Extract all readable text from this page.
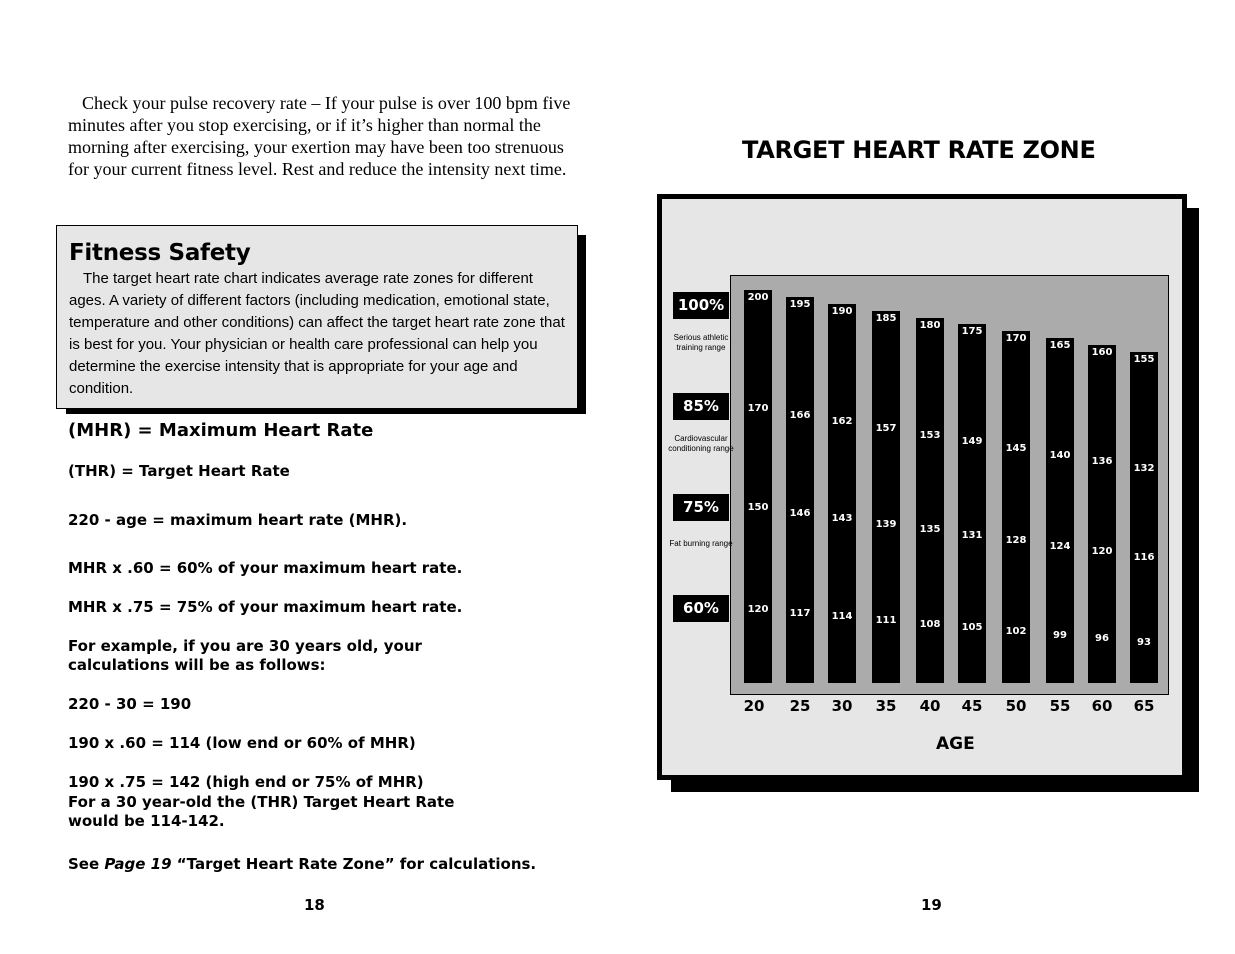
Check your pulse recovery rate – If your pulse is over 100 bpm five minutes after you stop exercising, or if it’s higher than normal the morning after exercising, your exertion may have been too strenuous for your current fitness level. Rest and reduce the intensity next time.

Fitness Safety

The target heart rate chart indicates average rate zones for different ages. A variety of different factors (including medication, emotional state, temperature and other conditions) can affect the target heart rate zone that is best for you. Your physician or health care professional can help you determine the exercise intensity that is appropriate for your age and condition.

(MHR) = Maximum Heart Rate

(THR) = Target Heart Rate

220 - age = maximum heart rate (MHR).

MHR x .60 = 60% of your maximum heart rate.

MHR x .75 = 75% of your maximum heart rate.

For example, if you are 30 years old, your

calculations will be as follows:

220 - 30 = 190

190 x .60 = 114 (low end or 60% of MHR)

190 x .75 = 142 (high end or 75% of MHR)

For a 30 year-old the (THR) Target Heart Rate

would be 114-142.

See Page 19 “Target Heart Rate Zone” for calculations.

18	19
TARGET HEART RATE ZONE
200
170
150
120
20
195
166
146
117
25
190
162
143
114
30
185
157
139
111
35
180
153
135
108
40
175
149
131
105
45
170
145
128
102
50
165
140
124
99
55
160
136
120
96
60
155
132
116
93
65
100%
Serious athletic training range
85%
Cardiovascular conditioning range
75%
Fat burning range
60%
AGE
